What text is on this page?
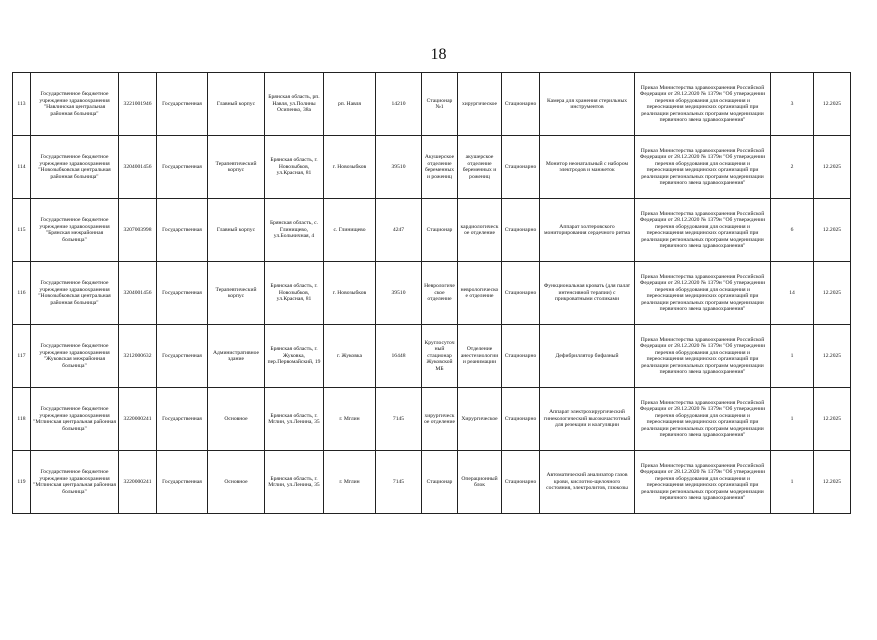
18
113	Государственное бюджетное учреждение здравоохранения "Навлинская центральная районная больница"	3221001946	Государственная	Главный корпус	Брянская область, рп. Навля, ул.Полины Осипенко, 38а	рп. Навля	14210	Стационар №1	хирургическое	Стационарно	Камера для хранения стерильных инструментов	Приказ Министерства здравоохранения Российской Федерации от 28.12.2020 № 1379н "Об утверждении перечня оборудования для оснащения и переоснащения медицинских организаций при реализации региональных программ модернизации первичного звена здравоохранения"	3	12.2025
114	Государственное бюджетное учреждение здравоохранения "Новозыбковская центральная районная больница"	3204001456	Государственная	Терапевтический корпус	Брянская область, г. Новозыбков, ул.Красная, 81	г. Новозыбков	39510	Акушерское отделение беременных и рожениц	акушерское отделение беременных и рожениц	Стационарно	Монитор неонатальный с набором электродов и манжеток	Приказ Министерства здравоохранения Российской Федерации от 28.12.2020 № 1379н "Об утверждении перечня оборудования для оснащения и переоснащения медицинских организаций при реализации региональных программ модернизации первичного звена здравоохранения"	2	12.2025
115	Государственное бюджетное учреждение здравоохранения "Брянская межрайонная больница"	3207003998	Государственная	Главный корпус	Брянская область, с. Глинищево, ул.Больничная, 4	с. Глинищево	4247	Стационар	кардиологическое отделение	Стационарно	Аппарат холтеровского мониторирования сердечного ритма	Приказ Министерства здравоохранения Российской Федерации от 28.12.2020 № 1379н "Об утверждении перечня оборудования для оснащения и переоснащения медицинских организаций при реализации региональных программ модернизации первичного звена здравоохранения"	6	12.2025
116	Государственное бюджетное учреждение здравоохранения "Новозыбковская центральная районная больница"	3204001456	Государственная	Терапевтический корпус	Брянская область, г. Новозыбков, ул.Красная, 81	г. Новозыбков	39510	Неврологическое отделение	неврологическое отделение	Стационарно	Функциональная кровать (для палат интенсивной терапии) с прикроватными столиками	Приказ Министерства здравоохранения Российской Федерации от 28.12.2020 № 1379н "Об утверждении перечня оборудования для оснащения и переоснащения медицинских организаций при реализации региональных программ модернизации первичного звена здравоохранения"	14	12.2025
117	Государственное бюджетное учреждение здравоохранения "Жуковская межрайонная больница"	3212000632	Государственная	Административное здание	Брянская область, г. Жуковка, пер.Первомайский, 19	г. Жуковка	16448	Круглосуточный стационар Жуковской МБ	Отделение анестезиологии и реанимации	Стационарно	Дефибриллятор бифазный	Приказ Министерства здравоохранения Российской Федерации от 28.12.2020 № 1379н "Об утверждении перечня оборудования для оснащения и переоснащения медицинских организаций при реализации региональных программ модернизации первичного звена здравоохранения"	1	12.2025
118	Государственное бюджетное учреждение здравоохранения "Мглинская центральная районная больница"	3220000241	Государственная	Основное	Брянская область, г. Мглин, ул.Ленина, 35	г. Мглин	7145	хирургическое отделение	Хирургическое	Стационарно	Аппарат электрохирургический гинекологический высокочастотный для резекции и коагуляции	Приказ Министерства здравоохранения Российской Федерации от 28.12.2020 № 1379н "Об утверждении перечня оборудования для оснащения и переоснащения медицинских организаций при реализации региональных программ модернизации первичного звена здравоохранения"	1	12.2025
119	Государственное бюджетное учреждение здравоохранения "Мглинская центральная районная больница"	3220000241	Государственная	Основное	Брянская область, г. Мглин, ул.Ленина, 35	г. Мглин	7145	Стационар	Операционный блок	Стационарно	Автоматический анализатор газов крови, кислотно-щелочного состояния, электролитов, глюкозы	Приказ Министерства здравоохранения Российской Федерации от 28.12.2020 № 1379н "Об утверждении перечня оборудования для оснащения и переоснащения медицинских организаций при реализации региональных программ модернизации первичного звена здравоохранения"	1	12.2025
